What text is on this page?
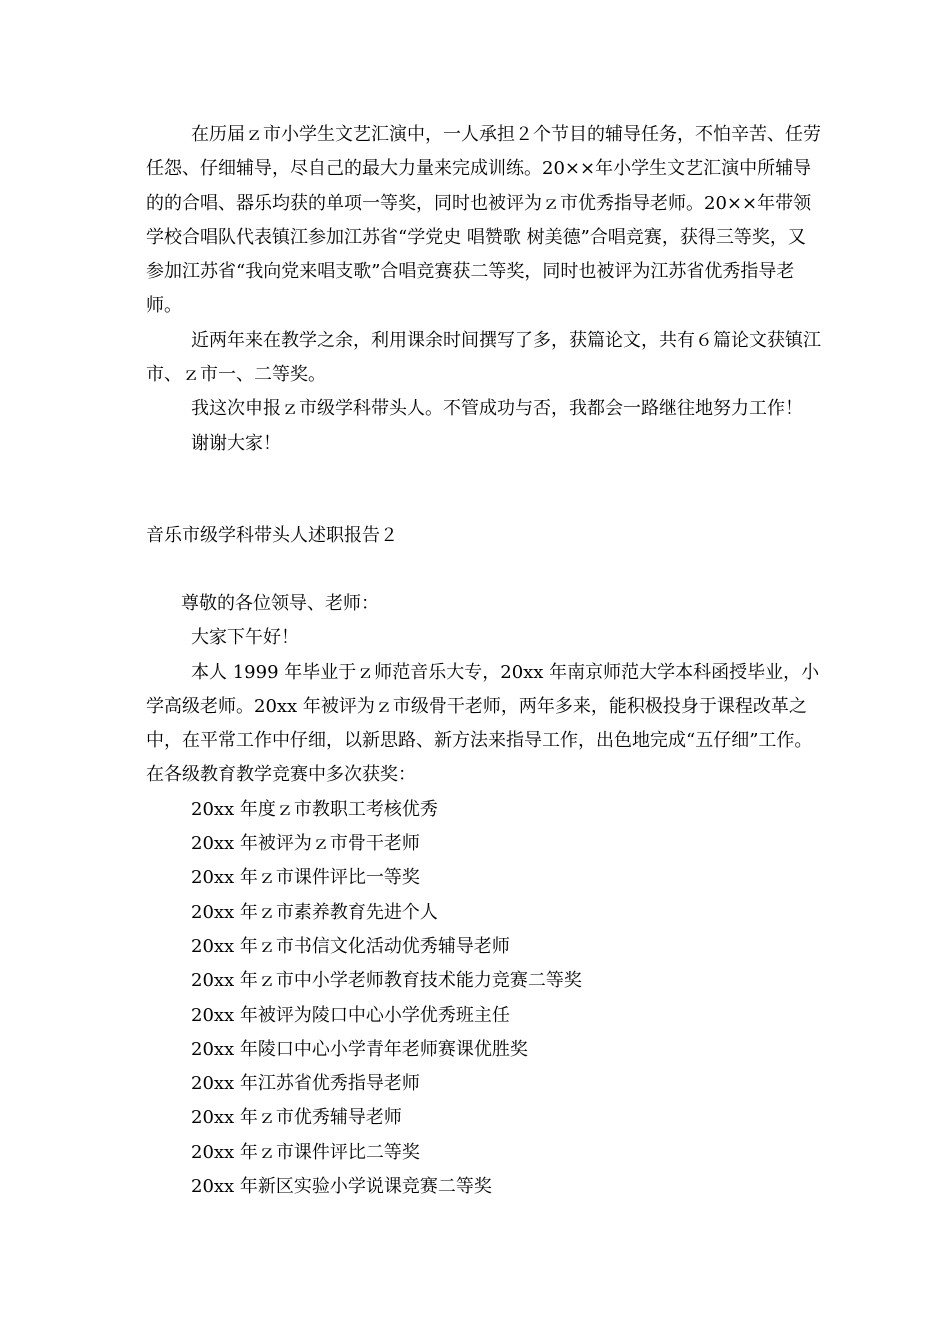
在历届ｚ市小学生文艺汇演中，一人承担２个节目的辅导任务，不怕辛苦、任劳任怨、仔细辅导，尽自己的最大力量来完成训练。20××年小学生文艺汇演中所辅导的的合唱、器乐均获的单项一等奖，同时也被评为ｚ市优秀指导老师。20××年带领学校合唱队代表镇江参加江苏省“学党史 唱赞歌 树美德”合唱竞赛，获得三等奖，又参加江苏省“我向党来唱支歌”合唱竞赛获二等奖，同时也被评为江苏省优秀指导老师。

近两年来在教学之余，利用课余时间撰写了多，获篇论文，共有６篇论文获镇江市、ｚ市一、二等奖。

我这次申报ｚ市级学科带头人。不管成功与否，我都会一路继往地努力工作！

谢谢大家！

音乐市级学科带头人述职报告２

尊敬的各位领导、老师：

大家下午好！

本人 1999 年毕业于ｚ师范音乐大专，20xx 年南京师范大学本科函授毕业，小学高级老师。20xx 年被评为ｚ市级骨干老师，两年多来，能积极投身于课程改革之中，在平常工作中仔细，以新思路、新方法来指导工作，出色地完成“五仔细”工作。在各级教育教学竞赛中多次获奖：

20xx 年度ｚ市教职工考核优秀
20xx 年被评为ｚ市骨干老师
20xx 年ｚ市课件评比一等奖
20xx 年ｚ市素养教育先进个人
20xx 年ｚ市书信文化活动优秀辅导老师
20xx 年ｚ市中小学老师教育技术能力竞赛二等奖
20xx 年被评为陵口中心小学优秀班主任
20xx 年陵口中心小学青年老师赛课优胜奖
20xx 年江苏省优秀指导老师
20xx 年ｚ市优秀辅导老师
20xx 年ｚ市课件评比二等奖
20xx 年新区实验小学说课竞赛二等奖
